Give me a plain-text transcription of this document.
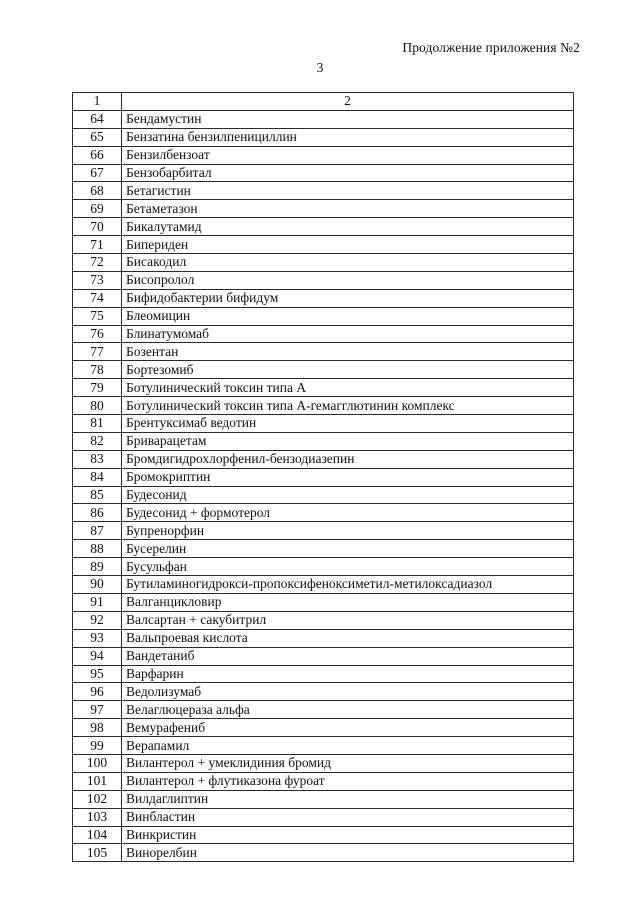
Продолжение приложения №2
3
1	2
64	Бендамустин
65	Бензатина бензилпенициллин
66	Бензилбензоат
67	Бензобарбитал
68	Бетагистин
69	Бетаметазон
70	Бикалутамид
71	Бипериден
72	Бисакодил
73	Бисопролол
74	Бифидобактерии бифидум
75	Блеомицин
76	Блинатумомаб
77	Бозентан
78	Бортезомиб
79	Ботулинический токсин типа А
80	Ботулинический токсин типа А-гемагглютинин комплекс
81	Брентуксимаб ведотин
82	Бриварацетам
83	Бромдигидрохлорфенил-бензодиазепин
84	Бромокриптин
85	Будесонид
86	Будесонид + формотерол
87	Бупренорфин
88	Бусерелин
89	Бусульфан
90	Бутиламиногидрокси-пропоксифеноксиметил-метилоксадиазол
91	Валганцикловир
92	Валсартан + сакубитрил
93	Вальпроевая кислота
94	Вандетаниб
95	Варфарин
96	Ведолизумаб
97	Велаглюцераза альфа
98	Вемурафениб
99	Верапамил
100	Вилантерол + умеклидиния бромид
101	Вилантерол + флутиказона фуроат
102	Вилдаглиптин
103	Винбластин
104	Винкристин
105	Винорелбин
